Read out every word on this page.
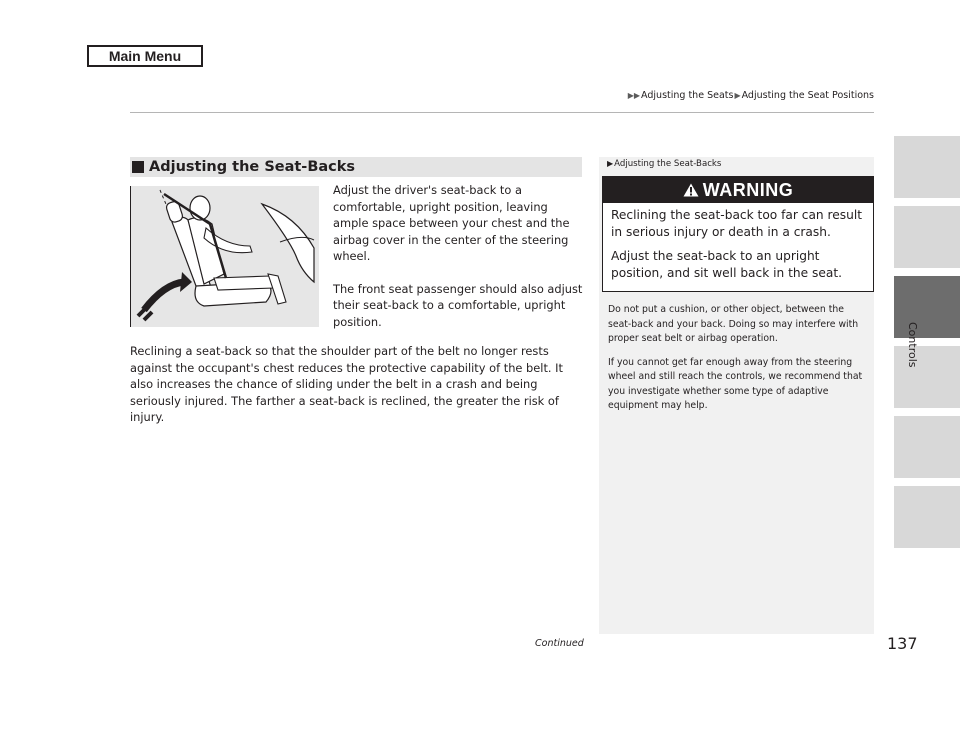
Main Menu
▶▶ Adjusting the Seats ▶ Adjusting the Seat Positions
Adjusting the Seat-Backs

Adjust the driver's seat-back to a comfortable, upright position, leaving ample space between your chest and the airbag cover in the center of the steering wheel.

The front seat passenger should also adjust their seat-back to a comfortable, upright position.

Reclining a seat-back so that the shoulder part of the belt no longer rests against the occupant's chest reduces the protective capability of the belt. It also increases the chance of sliding under the belt in a crash and being seriously injured. The farther a seat-back is reclined, the greater the risk of injury.

▶Adjusting the Seat-Backs
WARNING

Reclining the seat-back too far can result in serious injury or death in a crash.

Adjust the seat-back to an upright position, and sit well back in the seat.

Do not put a cushion, or other object, between the seat-back and your back. Doing so may interfere with proper seat belt or airbag operation.

If you cannot get far enough away from the steering wheel and still reach the controls, we recommend that you investigate whether some type of adaptive equipment may help.

Continued	137
Controls
